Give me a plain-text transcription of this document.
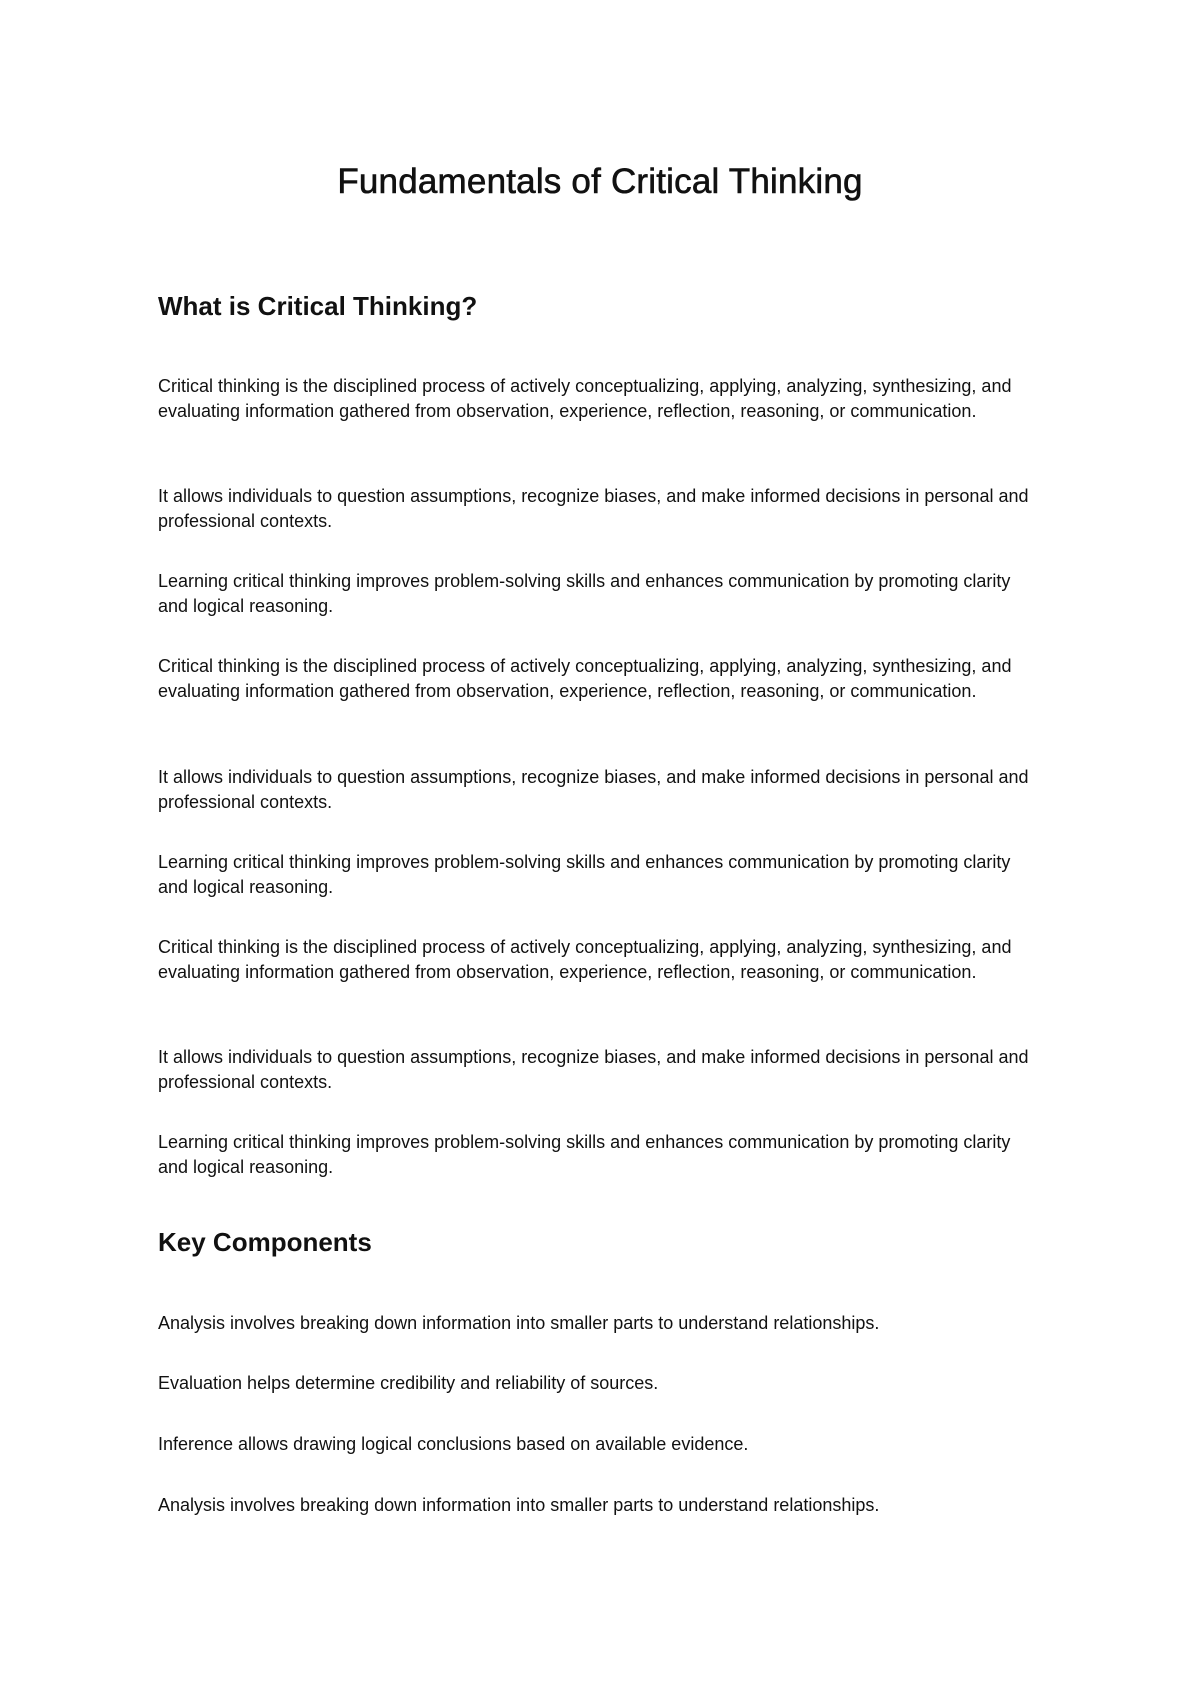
Fundamentals of Critical Thinking
What is Critical Thinking?

Critical thinking is the disciplined process of actively conceptualizing, applying, analyzing, synthesizing, and evaluating information gathered from observation, experience, reflection, reasoning, or communication.

It allows individuals to question assumptions, recognize biases, and make informed decisions in personal and professional contexts.

Learning critical thinking improves problem-solving skills and enhances communication by promoting clarity and logical reasoning.

Critical thinking is the disciplined process of actively conceptualizing, applying, analyzing, synthesizing, and evaluating information gathered from observation, experience, reflection, reasoning, or communication.

It allows individuals to question assumptions, recognize biases, and make informed decisions in personal and professional contexts.

Learning critical thinking improves problem-solving skills and enhances communication by promoting clarity and logical reasoning.

Critical thinking is the disciplined process of actively conceptualizing, applying, analyzing, synthesizing, and evaluating information gathered from observation, experience, reflection, reasoning, or communication.

It allows individuals to question assumptions, recognize biases, and make informed decisions in personal and professional contexts.

Learning critical thinking improves problem-solving skills and enhances communication by promoting clarity and logical reasoning.

Key Components

Analysis involves breaking down information into smaller parts to understand relationships.

Evaluation helps determine credibility and reliability of sources.

Inference allows drawing logical conclusions based on available evidence.

Analysis involves breaking down information into smaller parts to understand relationships.
